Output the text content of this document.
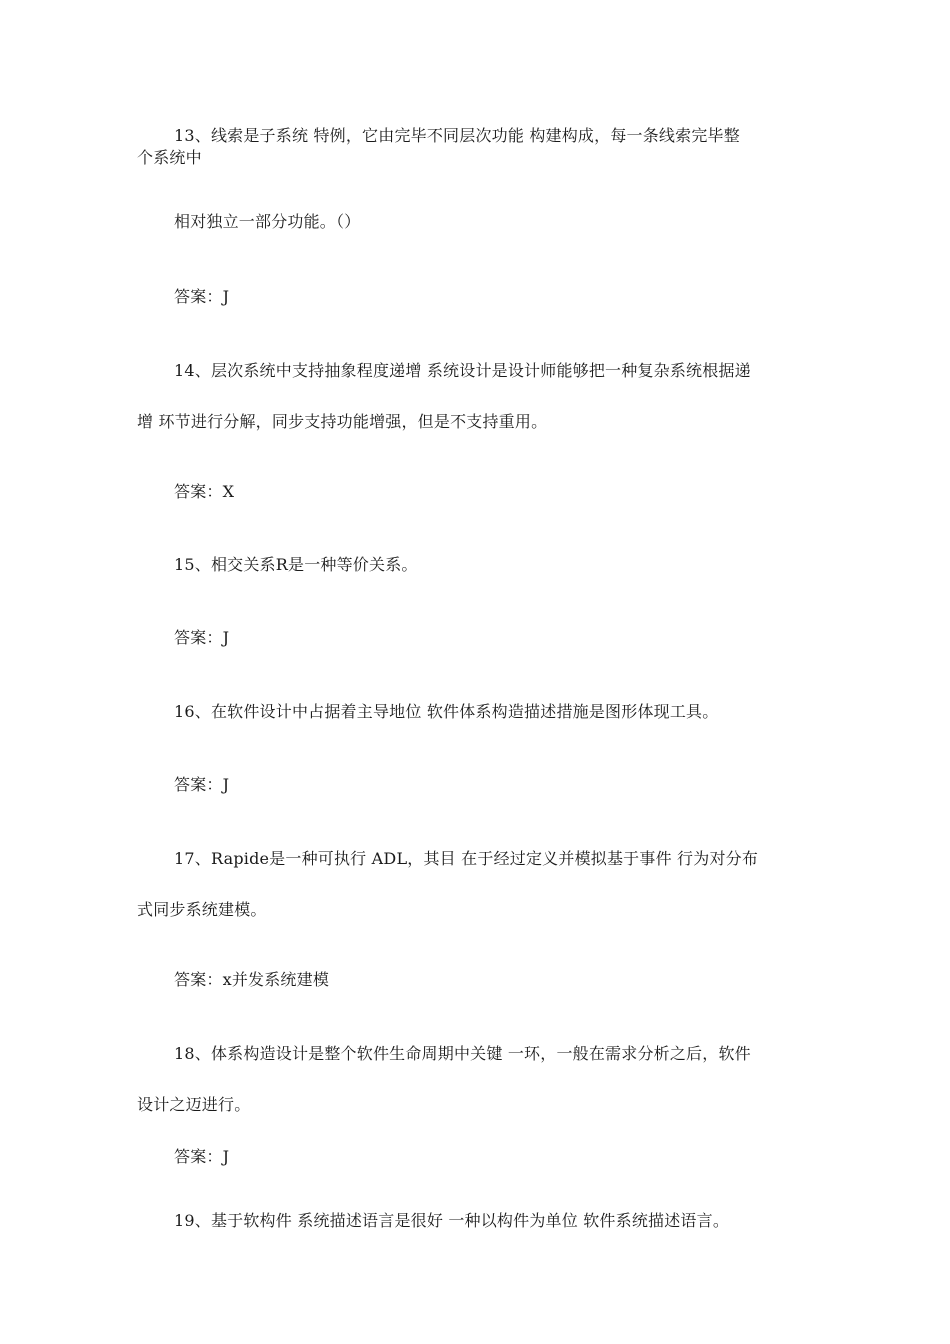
13、线索是子系统 特例，它由完毕不同层次功能 构建构成，每一条线索完毕整
个系统中
相对独立一部分功能。（）
答案：J
14、层次系统中支持抽象程度递增 系统设计是设计师能够把一种复杂系统根据递
增 环节进行分解，同步支持功能增强，但是不支持重用。
答案：X
15、相交关系R是一种等价关系。
答案：J
16、在软件设计中占据着主导地位 软件体系构造描述措施是图形体现工具。
答案：J
17、Rapide是一种可执行 ADL，其目 在于经过定义并模拟基于事件 行为对分布
式同步系统建模。
答案：x并发系统建模
18、体系构造设计是整个软件生命周期中关键 一环，一般在需求分析之后，软件
设计之迈进行。
答案：J
19、基于软构件 系统描述语言是很好 一种以构件为单位 软件系统描述语言。
